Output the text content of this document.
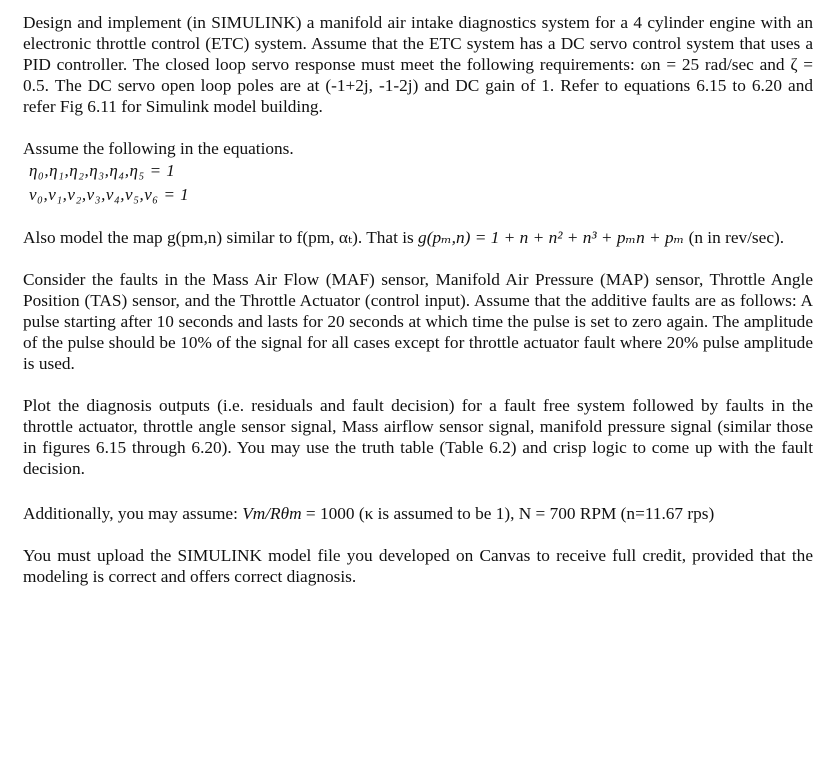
Design and implement (in SIMULINK) a manifold air intake diagnostics system for a 4 cylinder engine with an electronic throttle control (ETC) system. Assume that the ETC system has a DC servo control system that uses a PID controller. The closed loop servo response must meet the following requirements: ωn = 25 rad/sec and ζ = 0.5. The DC servo open loop poles are at (-1+2j, -1-2j) and DC gain of 1. Refer to equations 6.15 to 6.20 and refer Fig 6.11 for Simulink model building.

Assume the following in the equations.

η₀,η₁,η₂,η₃,η₄,η₅ = 1
ν₀,ν₁,ν₂,ν₃,ν₄,ν₅,ν₆ = 1

Also model the map g(pm,n) similar to f(pm, αₜ). That is g(pₘ,n) = 1 + n + n² + n³ + pₘn + pₘ (n in rev/sec).

Consider the faults in the Mass Air Flow (MAF) sensor, Manifold Air Pressure (MAP) sensor, Throttle Angle Position (TAS) sensor, and the Throttle Actuator (control input). Assume that the additive faults are as follows: A pulse starting after 10 seconds and lasts for 20 seconds at which time the pulse is set to zero again. The amplitude of the pulse should be 10% of the signal for all cases except for throttle actuator fault where 20% pulse amplitude is used.

Plot the diagnosis outputs (i.e. residuals and fault decision) for a fault free system followed by faults in the throttle actuator, throttle angle sensor signal, Mass airflow sensor signal, manifold pressure signal (similar those in figures 6.15 through 6.20). You may use the truth table (Table 6.2) and crisp logic to come up with the fault decision.

Additionally, you may assume: Vm/Rθm = 1000 (κ is assumed to be 1), N = 700 RPM (n=11.67 rps)

You must upload the SIMULINK model file you developed on Canvas to receive full credit, provided that the modeling is correct and offers correct diagnosis.
